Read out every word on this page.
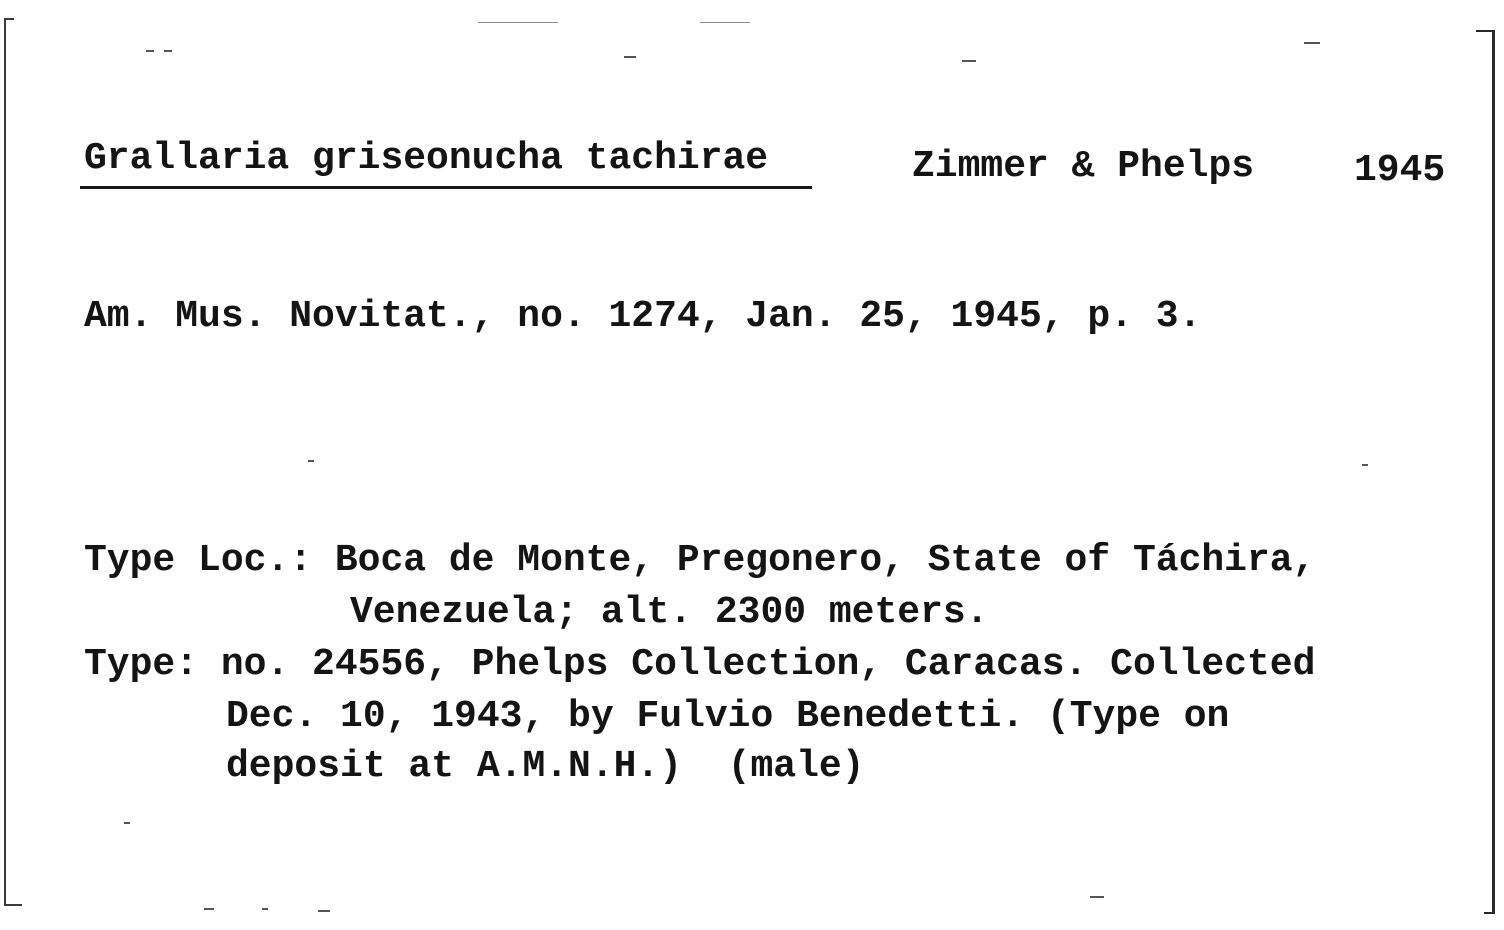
Grallaria griseonucha tachirae	Zimmer & Phelps	1945
Am. Mus. Novitat., no. 1274, Jan. 25, 1945, p. 3.
Type Loc.: Boca de Monte, Pregonero, State of Táchira,
Venezuela; alt. 2300 meters.
Type: no. 24556, Phelps Collection, Caracas. Collected
Dec. 10, 1943, by Fulvio Benedetti. (Type on
deposit at A.M.N.H.)  (male)
